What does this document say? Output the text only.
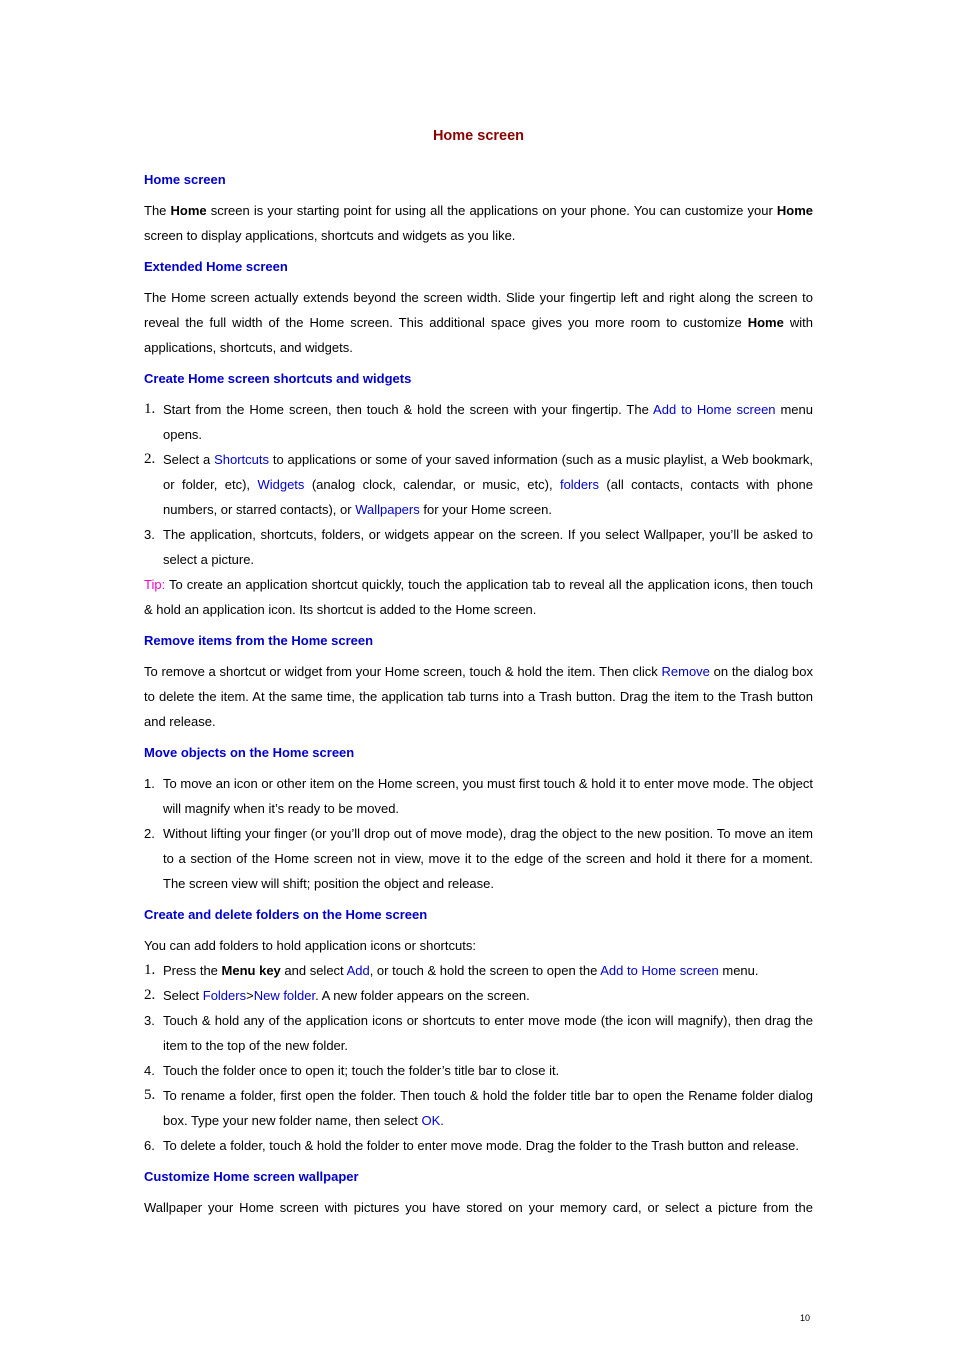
Home screen
Home screen

The Home screen is your starting point for using all the applications on your phone. You can customize your Home screen to display applications, shortcuts and widgets as you like.

Extended Home screen

The Home screen actually extends beyond the screen width. Slide your fingertip left and right along the screen to reveal the full width of the Home screen. This additional space gives you more room to customize Home with applications, shortcuts, and widgets.

Create Home screen shortcuts and widgets
1. Start from the Home screen, then touch & hold the screen with your fingertip. The Add to Home screen menu opens.
2. Select a Shortcuts to applications or some of your saved information (such as a music playlist, a Web bookmark, or folder, etc), Widgets (analog clock, calendar, or music, etc), folders (all contacts, contacts with phone numbers, or starred contacts), or Wallpapers for your Home screen.
3. The application, shortcuts, folders, or widgets appear on the screen. If you select Wallpaper, you’ll be asked to select a picture.

Tip: To create an application shortcut quickly, touch the application tab to reveal all the application icons, then touch & hold an application icon. Its shortcut is added to the Home screen.

Remove items from the Home screen

To remove a shortcut or widget from your Home screen, touch & hold the item. Then click Remove on the dialog box to delete the item. At the same time, the application tab turns into a Trash button. Drag the item to the Trash button and release.

Move objects on the Home screen
1. To move an icon or other item on the Home screen, you must first touch & hold it to enter move mode. The object will magnify when it’s ready to be moved.
2. Without lifting your finger (or you’ll drop out of move mode), drag the object to the new position. To move an item to a section of the Home screen not in view, move it to the edge of the screen and hold it there for a moment. The screen view will shift; position the object and release.
Create and delete folders on the Home screen

You can add folders to hold application icons or shortcuts:

1. Press the Menu key and select Add, or touch & hold the screen to open the Add to Home screen menu.
2. Select Folders>New folder. A new folder appears on the screen.
3. Touch & hold any of the application icons or shortcuts to enter move mode (the icon will magnify), then drag the item to the top of the new folder.
4. Touch the folder once to open it; touch the folder’s title bar to close it.
5. To rename a folder, first open the folder. Then touch & hold the folder title bar to open the Rename folder dialog box. Type your new folder name, then select OK.
6. To delete a folder, touch & hold the folder to enter move mode. Drag the folder to the Trash button and release.
Customize Home screen wallpaper

Wallpaper your Home screen with pictures you have stored on your memory card, or select a picture from the

10
